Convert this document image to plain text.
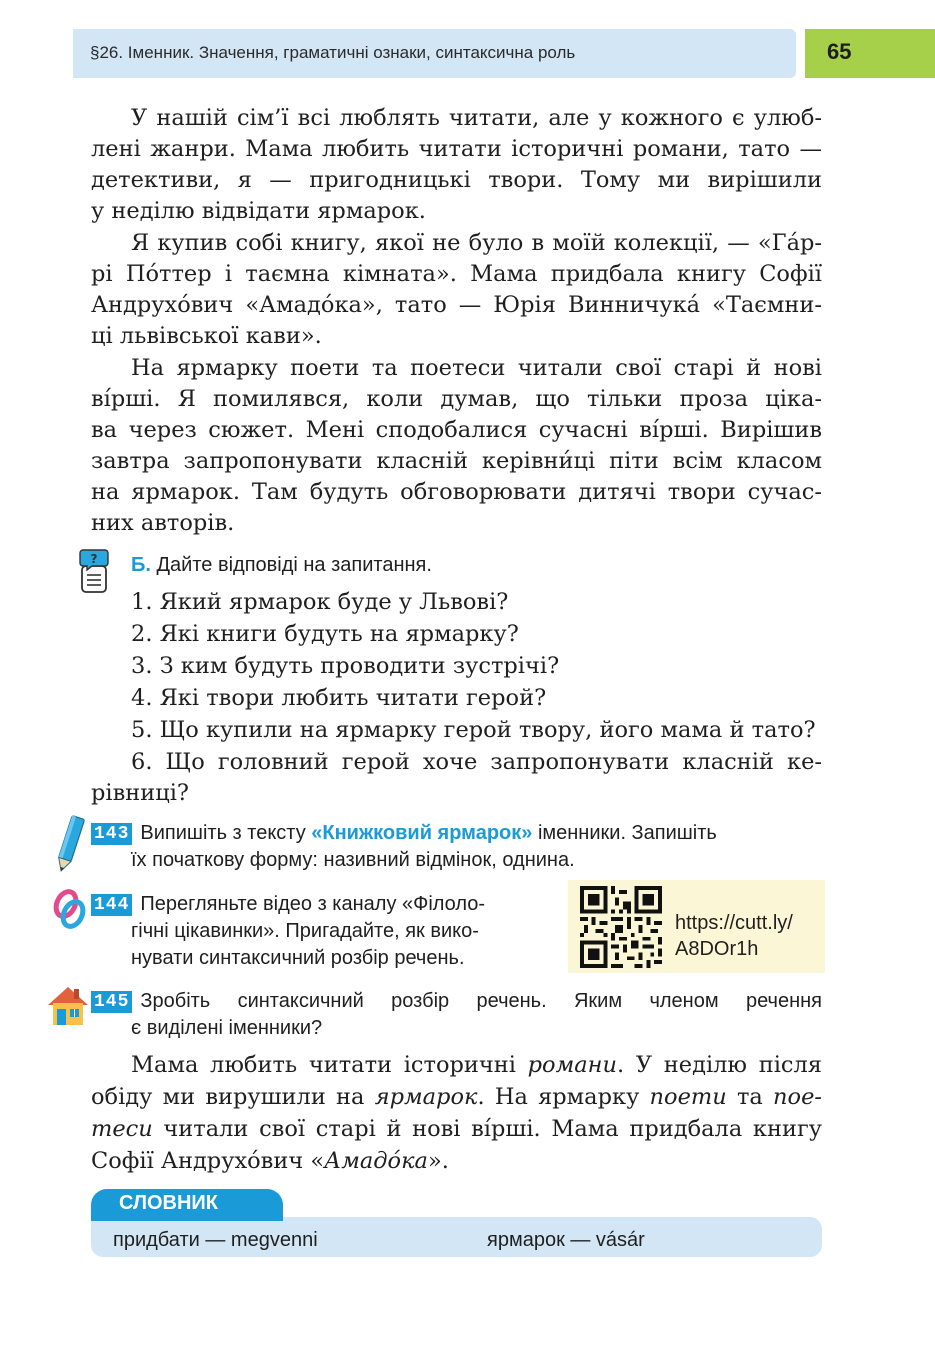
§26. Іменник. Значення, граматичні ознаки, синтаксична роль	65
У нашій сім’ї всі люблять читати, але у кожного є улюб-
лені жанри. Мама любить читати історичні романи, тато —
детективи, я — пригодницькі твори. Тому ми вирішили
у неділю відвідати ярмарок.
Я купив собі книгу, якої не було в моїй колекції, — «Га́р-
рі По́ттер і таємна кімната». Мама придбала книгу Софії
Андрухо́вич «Амадо́ка», тато — Юрія Винничука́ «Таємни-
ці львівської кави».
На ярмарку поети та поетеси читали свої старі й нові
ві́рші. Я помилявся, коли думав, що тільки проза ціка-
ва через сюжет. Мені сподобалися сучасні ві́рші. Вирішив
завтра запропонувати класній керівни́ці піти всім класом
на ярмарок. Там будуть обговорювати дитячі твори сучас-
них авторів.
? Б. Дайте відповіді на запитання.
1. Який ярмарок буде у Львові?
2. Які книги будуть на ярмарку?
3. З ким будуть проводити зустрічі?
4. Які твори любить читати герой?
5. Що купили на ярмарку герой твору, його мама й тато?
6. Що головний герой хоче запропонувати класній ке-
рівниці?
143 Випишіть з тексту «Книжковий ярмарок» іменники. Запишіть
їх початкову форму: називний відмінок, однина.
144 Перегляньте відео з каналу «Філоло-
гічні цікавинки». Пригадайте, як вико-
нувати синтаксичний розбір речень.
https://cutt.ly/
A8DOr1h
145 Зробіть синтаксичний розбір речень. Яким членом речення
є виділені іменники?
Мама любить читати історичні романи. У неділю після
обіду ми вирушили на ярмарок. На ярмарку поети та пое-
теси читали свої старі й нові ві́рші. Мама придбала книгу
Софії Андрухо́вич «Амадо́ка».
придбати — megvenni	ярмарок — vásár
СЛОВНИК
